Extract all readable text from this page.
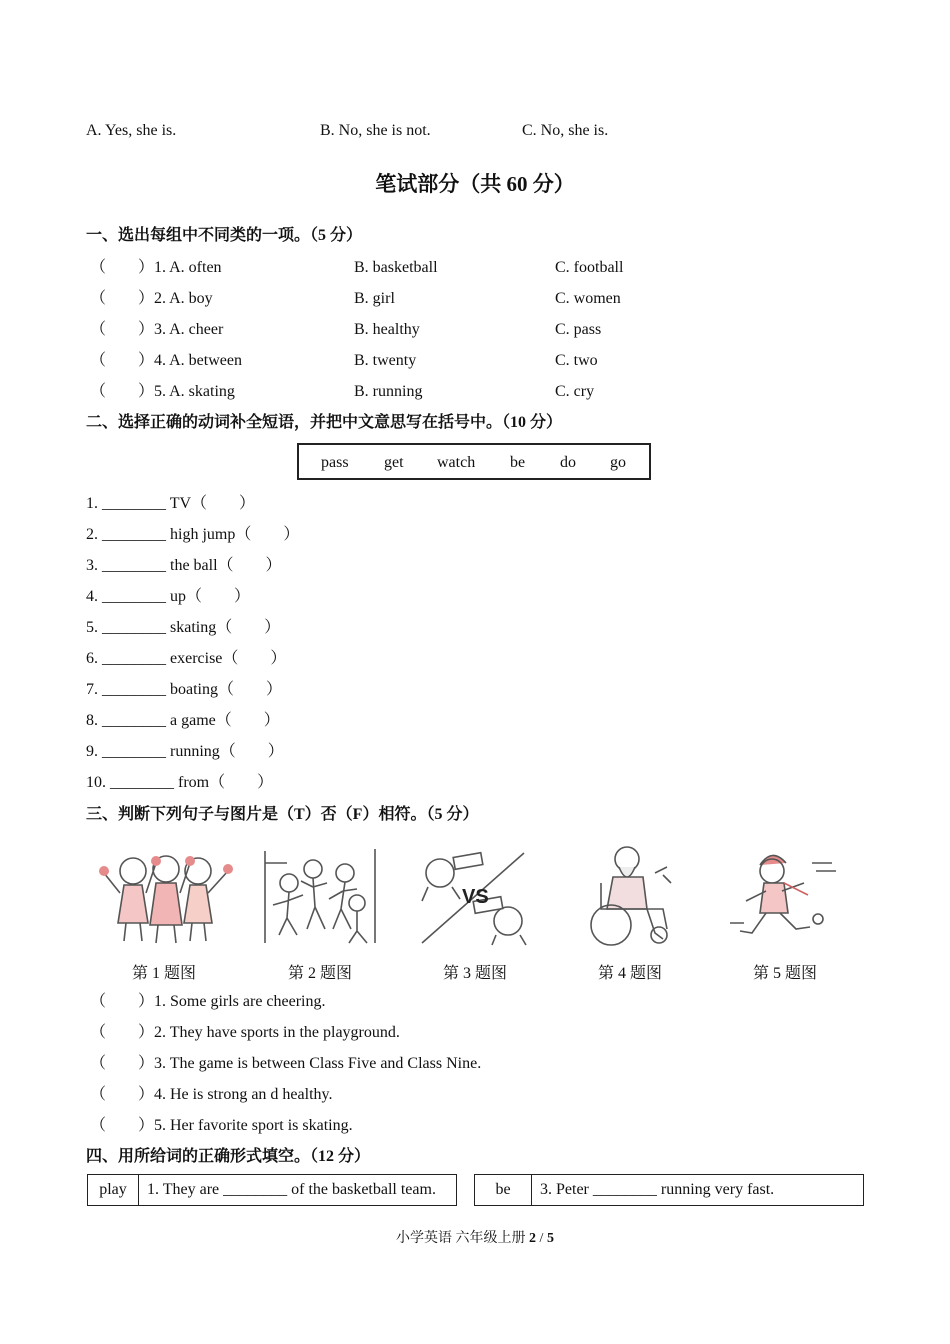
A. Yes, she is.	B. No, she is not.	C. No, she is.
笔试部分（共 60 分）
一、选出每组中不同类的一项。（5 分）
（　　） 1. A. often	B. basketball	C. football
（　　） 2. A. boy	B. girl	C. women
（　　） 3. A. cheer	B. healthy	C. pass
（　　） 4. A. between	B. twenty	C. two
（　　） 5. A. skating	B. running	C. cry
二、选择正确的动词补全短语，并把中文意思写在括号中。（10 分）
pass get watch be do go
1. ________ TV（　　）
2. ________ high jump（　　）
3. ________ the ball（　　）
4. ________ up（　　）
5. ________ skating（　　）
6. ________ exercise（　　）
7. ________ boating（　　）
8. ________ a game（　　）
9. ________ running（　　）
10. ________ from（　　）
三、判断下列句子与图片是（T）否（F）相符。（5 分）
VS
第 1 题图	第 2 题图	第 3 题图	第 4 题图	第 5 题图
（　　） 1. Some girls are cheering.
（　　） 2. They have sports in the playground.
（　　） 3. The game is between Class Five and Class Nine.
（　　） 4. He is strong an d healthy.
（　　） 5. Her favorite sport is skating.
四、用所给词的正确形式填空。（12 分）
play	1. They are ________ of the basketball team.	be	3. Peter ________ running very fast.
小学英语 六年级上册 2 / 5
